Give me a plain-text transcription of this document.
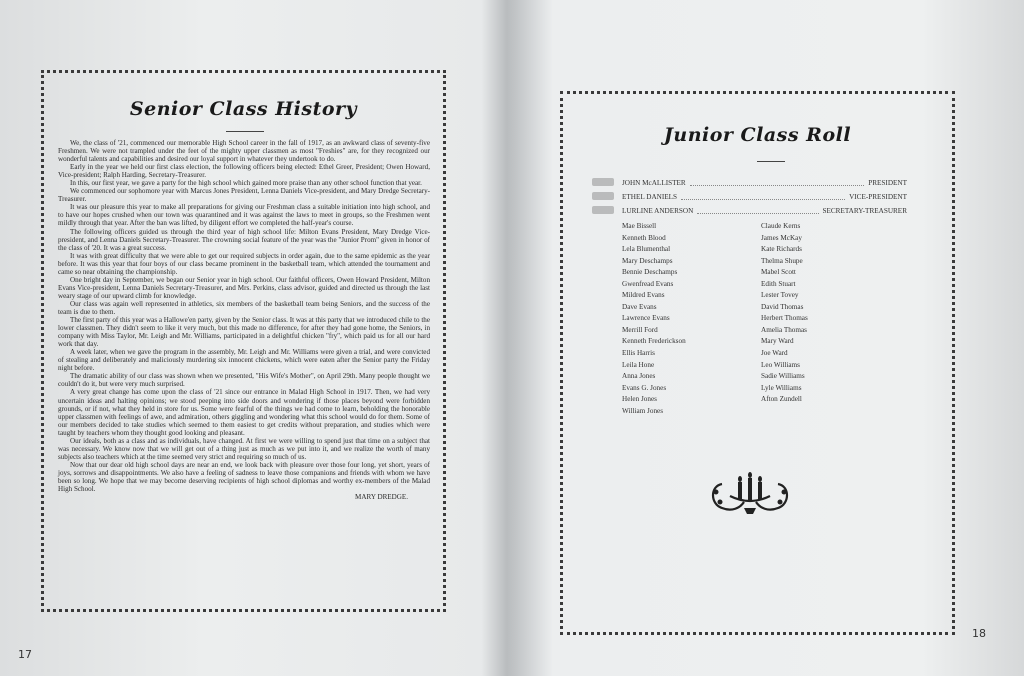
Senior Class History

We, the class of '21, commenced our memorable High School career in the fall of 1917, as an awkward class of seventy-five Freshmen. We were not trampled under the feet of the mighty upper classmen as most "Freshies" are, for they recognized our wonderful talents and capabilities and desired our loyal support in whatever they undertook to do.

Early in the year we held our first class election, the following officers being elected: Ethel Greer, President; Owen Howard, Vice-president; Ralph Harding, Secretary-Treasurer.

In this, our first year, we gave a party for the high school which gained more praise than any other school function that year.

We commenced our sophomore year with Marcus Jones President, Lenna Daniels Vice-president, and Mary Dredge Secretary-Treasurer.

It was our pleasure this year to make all preparations for giving our Freshman class a suitable initiation into high school, and to have our hopes crushed when our town was quarantined and it was against the laws to meet in groups, so the Freshmen went mildly through that year. After the ban was lifted, by diligent effort we completed the half-year's course.

The following officers guided us through the third year of high school life: Milton Evans President, Mary Dredge Vice-president, and Lenna Daniels Secretary-Treasurer. The crowning social feature of the year was the "Junior Prom" given in honor of the class of '20. It was a great success.

It was with great difficulty that we were able to get our required subjects in order again, due to the same epidemic as the year before. It was this year that four boys of our class became prominent in the basketball team, which attended the tournament and came so near obtaining the championship.

One bright day in September, we began our Senior year in high school. Our faithful officers, Owen Howard President, Milton Evans Vice-president, Lenna Daniels Secretary-Treasurer, and Mrs. Perkins, class advisor, guided and directed us through the last weary stage of our upward climb for knowledge.

Our class was again well represented in athletics, six members of the basketball team being Seniors, and the success of the team is due to them.

The first party of this year was a Hallowe'en party, given by the Senior class. It was at this party that we introduced chile to the lower classmen. They didn't seem to like it very much, but this made no difference, for after they had gone home, the Seniors, in company with Miss Taylor, Mr. Leigh and Mr. Williams, participated in a delightful chicken "fry", which paid us for all our hard work that day.

A week later, when we gave the program in the assembly, Mr. Leigh and Mr. Williams were given a trial, and were convicted of stealing and deliberately and maliciously murdering six innocent chickens, which were eaten after the Senior party the Friday night before.

The dramatic ability of our class was shown when we presented, "His Wife's Mother", on April 29th. Many people thought we couldn't do it, but were very much surprised.

A very great change has come upon the class of '21 since our entrance in Malad High School in 1917. Then, we had very uncertain ideas and halting opinions; we stood peeping into side doors and wondering if those places beyond were forbidden grounds, or if not, what they held in store for us. Some were fearful of the things we had come to learn, beholding the honorable upper classmen with feelings of awe, and admiration, others giggling and wondering what this school would do for them. Some of our members decided to take studies which seemed to them easiest to get credits without preparation, and studies which were taught by teachers whom they thought good looking and pleasant.

Our ideals, both as a class and as individuals, have changed. At first we were willing to spend just that time on a subject that was necessary. We know now that we will get out of a thing just as much as we put into it, and we realize the worth of many subjects also teachers which at the time seemed very strict and requiring so much of us.

Now that our dear old high school days are near an end, we look back with pleasure over those four long, yet short, years of joys, sorrows and disappointments. We also have a feeling of sadness to leave those companions and friends with whom we have been so long. We hope that we may become deserving recipients of high school diplomas and worthy ex-members of the Malad High School.

MARY DREDGE.

17
Junior Class Roll
JOHN McALLISTER	PRESIDENT
ETHEL DANIELS	VICE-PRESIDENT
LURLINE ANDERSON	SECRETARY-TREASURER
Mae Bissell
Kenneth Blood
Lela Blumenthal
Mary Deschamps
Bennie Deschamps
Gwenfread Evans
Mildred Evans
Dave Evans
Lawrence Evans
Merrill Ford
Kenneth Frederickson
Ellis Harris
Leila Hone
Anna Jones
Evans G. Jones
Helen Jones
William Jones
Claude Kerns
James McKay
Kate Richards
Thelma Shupe
Mabel Scott
Edith Stuart
Lester Tovey
David Thomas
Herbert Thomas
Amelia Thomas
Mary Ward
Joe Ward
Leo Williams
Sadie Williams
Lyle Williams
Afton Zundell
18
